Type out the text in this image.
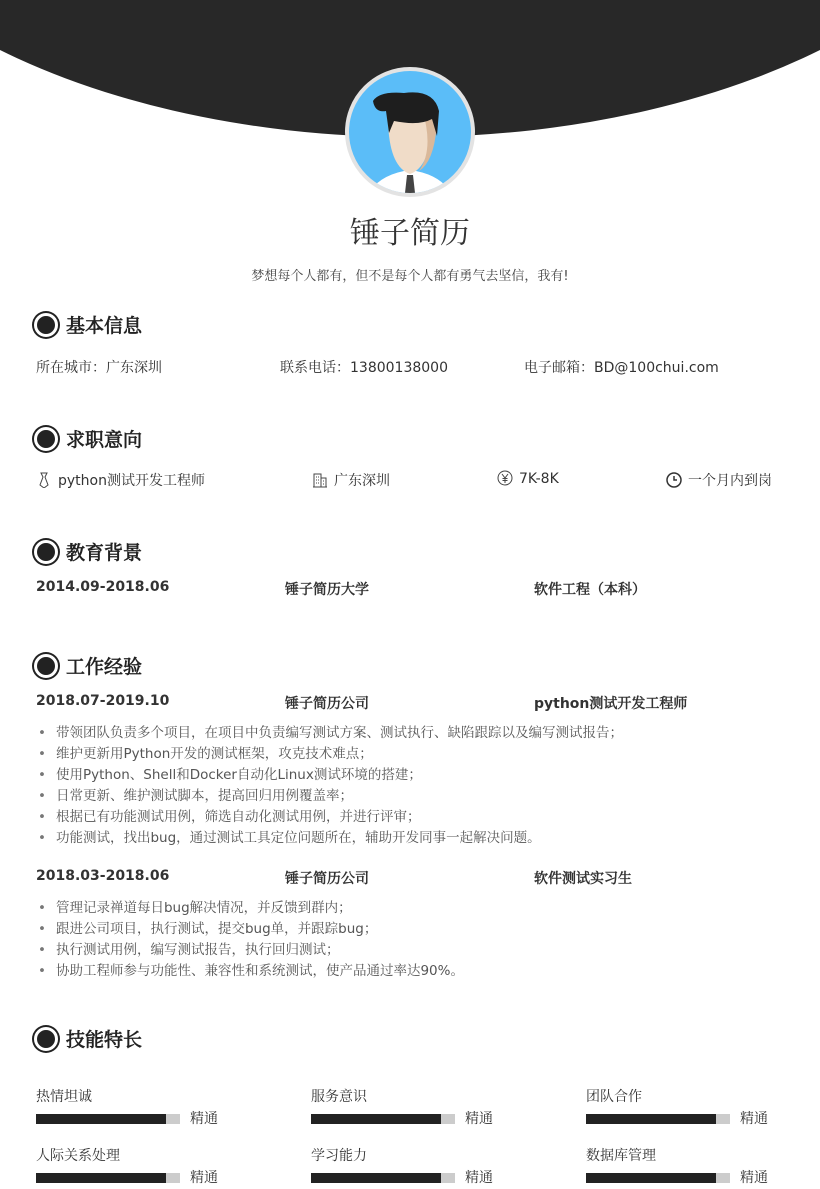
锤子简历
梦想每个人都有，但不是每个人都有勇气去坚信，我有!
基本信息
所在城市：广东深圳	联系电话：13800138000	电子邮箱：BD@100chui.com
求职意向
python测试开发工程师	广东深圳	7K-8K	一个月内到岗
教育背景
2014.09-2018.06	锤子简历大学	软件工程（本科）
工作经验
2018.07-2019.10	锤子简历公司	python测试开发工程师
• 带领团队负责多个项目，在项目中负责编写测试方案、测试执行、缺陷跟踪以及编写测试报告；
• 维护更新用Python开发的测试框架，攻克技术难点；
• 使用Python、Shell和Docker自动化Linux测试环境的搭建；
• 日常更新、维护测试脚本，提高回归用例覆盖率；
• 根据已有功能测试用例，筛选自动化测试用例，并进行评审；
• 功能测试，找出bug，通过测试工具定位问题所在，辅助开发同事一起解决问题。
2018.03-2018.06	锤子简历公司	软件测试实习生
• 管理记录禅道每日bug解决情况，并反馈到群内；
• 跟进公司项目，执行测试，提交bug单，并跟踪bug；
• 执行测试用例，编写测试报告，执行回归测试；
• 协助工程师参与功能性、兼容性和系统测试，使产品通过率达90%。
技能特长
热情坦诚
精通
服务意识
精通
团队合作
精通
人际关系处理
精通
学习能力
精通
数据库管理
精通
